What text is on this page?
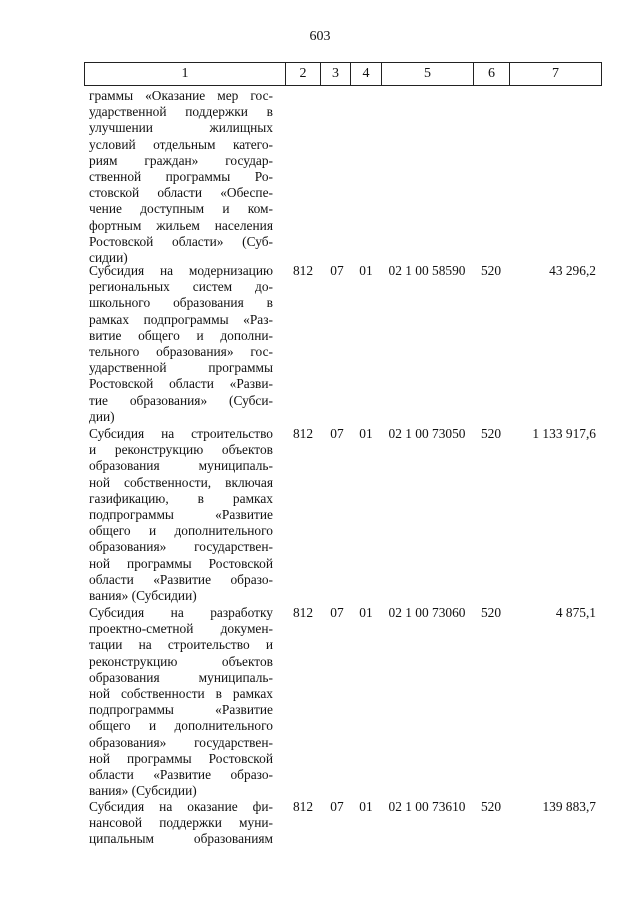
603
1	2	3	4	5	6	7
граммы «Оказание мер гос-
ударственной поддержки в
улучшении жилищных
условий отдельным катего-
риям граждан» государ-
ственной программы Ро-
стовской области «Обеспе-
чение доступным и ком-
фортным жильем населения
Ростовской области» (Суб-
сидии)
Субсидия на модернизацию
региональных систем до-
школьного образования в
рамках подпрограммы «Раз-
витие общего и дополни-
тельного образования» гос-
ударственной программы
Ростовской области «Разви-
тие образования» (Субси-
дии)
812	07	01	02 1 00 58590	520	43 296,2
Субсидия на строительство
и реконструкцию объектов
образования муниципаль-
ной собственности, включая
газификацию, в рамках
подпрограммы «Развитие
общего и дополнительного
образования» государствен-
ной программы Ростовской
области «Развитие образо-
вания» (Субсидии)
812	07	01	02 1 00 73050	520	1 133 917,6
Субсидия на разработку
проектно-сметной докумен-
тации на строительство и
реконструкцию объектов
образования муниципаль-
ной собственности в рамках
подпрограммы «Развитие
общего и дополнительного
образования» государствен-
ной программы Ростовской
области «Развитие образо-
вания» (Субсидии)
812	07	01	02 1 00 73060	520	4 875,1
Субсидия на оказание фи-
нансовой поддержки муни-
ципальным образованиям
812	07	01	02 1 00 73610	520	139 883,7
